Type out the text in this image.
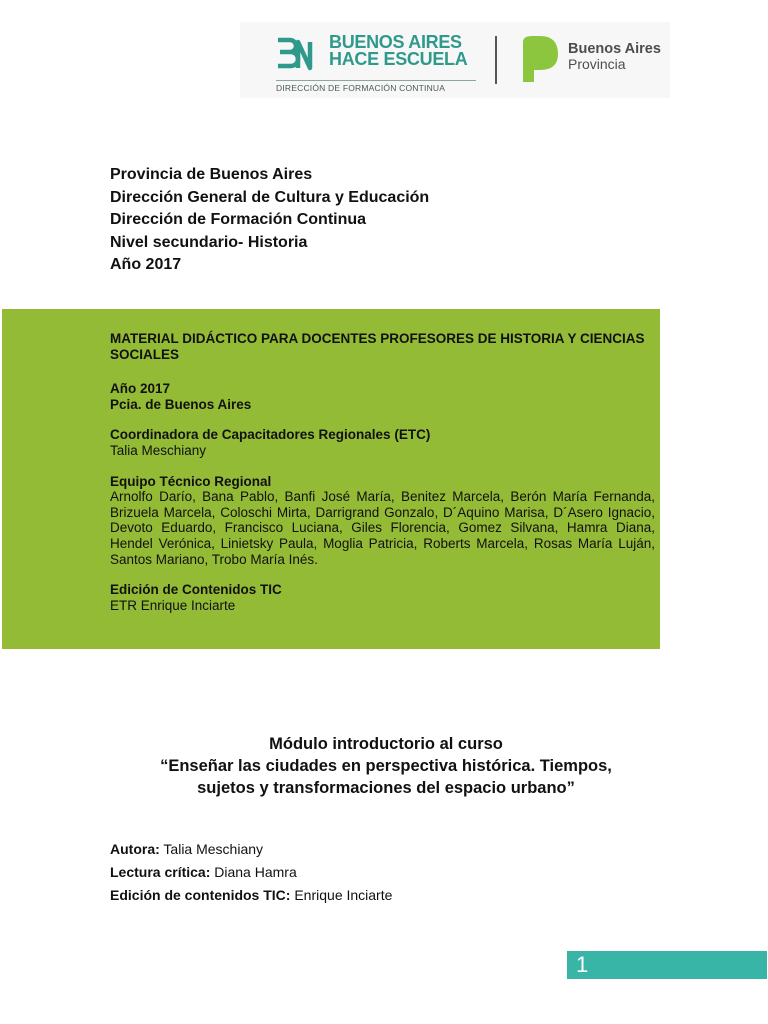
BUENOS AIRES
HACE ESCUELA
DIRECCIÓN DE FORMACIÓN CONTINUA
Buenos Aires
Provincia
Provincia de Buenos Aires
Dirección General de Cultura y Educación
Dirección de Formación Continua
Nivel secundario- Historia
Año 2017

MATERIAL DIDÁCTICO PARA DOCENTES PROFESORES DE HISTORIA Y CIENCIAS SOCIALES

Año 2017
Pcia. de Buenos Aires
Coordinadora de Capacitadores Regionales (ETC)
Talia Meschiany
Equipo Técnico Regional
Arnolfo Darío, Bana Pablo, Banfi José María, Benitez Marcela, Berón María Fernanda, Brizuela Marcela, Coloschi Mirta, Darrigrand Gonzalo, D´Aquino Marisa, D´Asero Ignacio, Devoto Eduardo, Francisco Luciana, Giles Florencia, Gomez Silvana, Hamra Diana, Hendel Verónica, Linietsky Paula, Moglia Patricia, Roberts Marcela, Rosas María Luján, Santos Mariano, Trobo María Inés.
Edición de Contenidos TIC
ETR Enrique Inciarte
Módulo introductorio al curso
“Enseñar las ciudades en perspectiva histórica. Tiempos,
sujetos y transformaciones del espacio urbano”
Autora: Talia Meschiany
Lectura crítica: Diana Hamra
Edición de contenidos TIC: Enrique Inciarte
1
